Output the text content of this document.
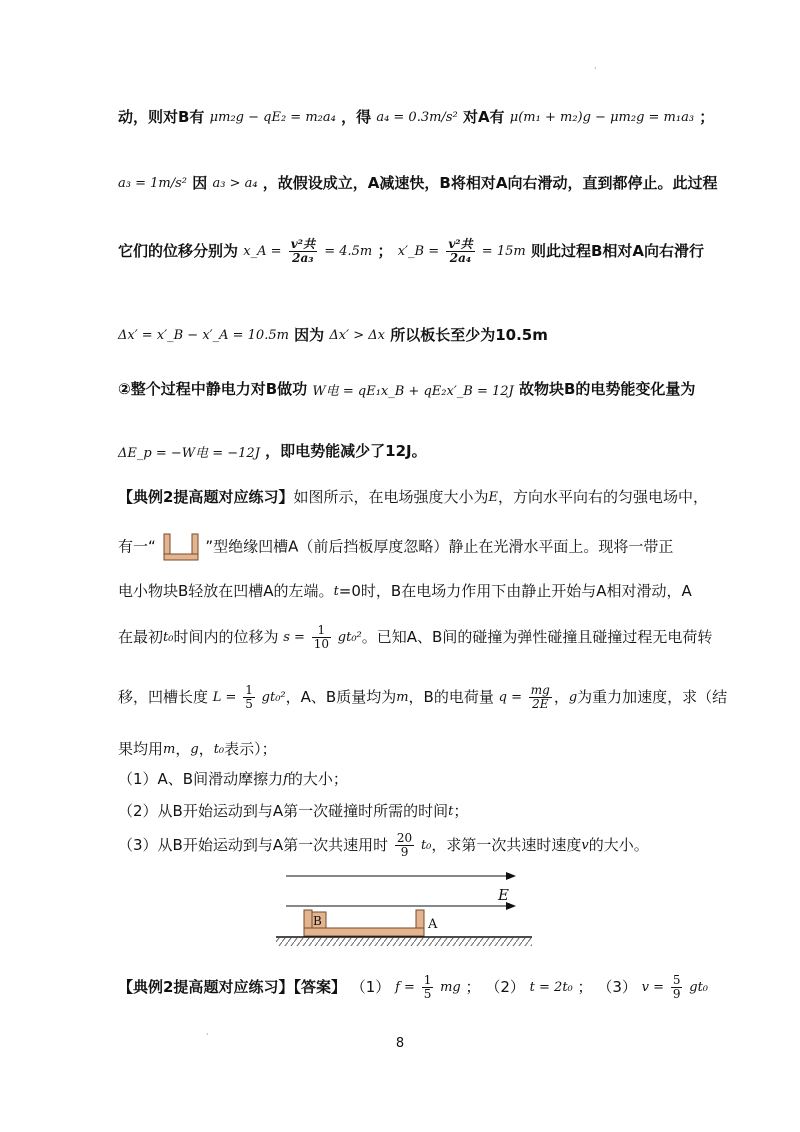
·
动，则对B有 μm₂g − qE₂ = m₂a₄ ，得 a₄ = 0.3m/s² 对A有 μ(m₁ + m₂)g − μm₂g = m₁a₃ ；
a₃ = 1m/s² 因 a₃ > a₄ ，故假设成立，A减速快，B将相对A向右滑动，直到都停止。此过程
它们的位移分别为 x_A = $\frac{\text{v²共}}{\text{2a₃}} = 4.5m$ ； x′_B = $\frac{\text{v²共}}{\text{2a₄}} = 15m$ 则此过程B相对A向右滑行
Δx′ = x′_B − x′_A = 10.5m 因为 Δx′ > Δx 所以板长至少为10.5m
②整个过程中静电力对B做功 W电 = qE₁x_B + qE₂x′_B = 12J 故物块B的电势能变化量为
ΔE_p = −W电 = −12J ，即电势能减少了12J。
【典例2提高题对应练习】如图所示，在电场强度大小为E，方向水平向右的匀强电场中，
有一“	”型绝缘凹槽A（前后挡板厚度忽略）静止在光滑水平面上。现将一带正
电小物块B轻放在凹槽A的左端。t=0时，B在电场力作用下由静止开始与A相对滑动，A
在最初t₀时间内的位移为 $s = \frac{1}{10} gt_0^2$。已知A、B间的碰撞为弹性碰撞且碰撞过程无电荷转
移，凹槽长度 $L = \frac{1}{5} gt_0^2$，A、B质量均为m，B的电荷量 $q = \frac{mg}{2E}$ ，g为重力加速度，求（结
果均用m，g，t₀表示）；
（1）A、B间滑动摩擦力f的大小；
（2）从B开始运动到与A第一次碰撞时所需的时间t；
（3）从B开始运动到与A第一次共速用时 $\frac{20}{9} t_0$，求第一次共速时速度v的大小。
E
B	A
【典例2提高题对应练习】【答案】 （1） $f = \frac{1}{5}$ mg ； （2） t = 2t₀ ； （3） $v = \frac{5}{9} gt_0$
·
8
